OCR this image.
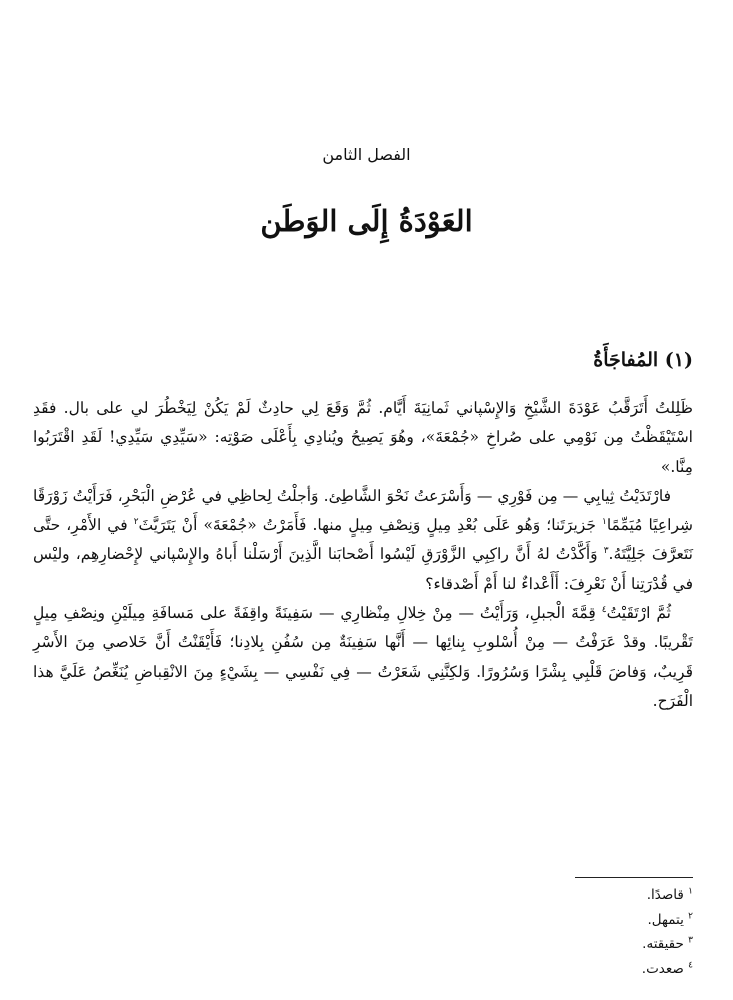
الفصل الثامن
العَوْدَةُ إِلَى الوَطَن
(١) المُفاجَأَةُ

ظَلِلتُ أَتَرَقَّبُ عَوْدَةَ الشَّيْخِ وَالإِسْپاني ثَمانِيَةَ أَيَّام. ثُمَّ وَقَعَ لِي حادِثٌ لَمْ يَكُنْ لِيَخْطُرَ لي على بال. فقَدِ اسْتَيْقَظْتُ مِن نَوْمِي على صُراخِ «جُمْعَةَ»، وهُوَ يَصِيحُ ويُنادِي بِأَعْلَى صَوْتِه: «سَيِّدِي سَيِّدِي! لَقَدِ اقْتَرَبُوا مِنَّا.»

فارْتَدَيْتُ ثِيابِي — مِن فَوْرِي — وَأَسْرَعتُ نَحْوَ الشَّاطِئ. وَأجلْتُ لِحاظِي في عُرْضِ الْبَحْرِ، فَرَأَيْتُ زَوْرَقًا شِراعِيًا مُيَمِّمًا$^١$ جَزيرَتَنا؛ وَهُو عَلَى بُعْدِ مِيلٍ وَنِصْفِ مِيلٍ منها. فَأَمَرْتُ «جُمْعَةَ» أَنْ يَتَرَيَّثَ$^٢$ في الأَمْرِ، حتَّى نَتَعرَّفَ جَلِيَّتَهُ.$^٣$ وَأَكَّدْتُ لهُ أَنَّ راكِبِي الزَّوْرَقِ لَيْسُوا أَصْحابَنا الَّذِينَ أَرْسَلْنا أَباهُ والإِسْپاني لإِحْضارِهِم، وليْس في قُدْرَتِنا أَنْ نَعْرِفَ: أَأَعْداءٌ لنا أَمْ أَصْدقاء؟

ثُمَّ ارْتَقَيْتُ$^٤$ قِمَّةَ الْجبلِ، وَرَأَيْتُ — مِنْ خِلالِ مِنْظارِي — سَفِينَةً واقِفَةً على مَسافَةِ مِيلَيْنِ ونِصْفِ مِيلٍ تَقْريبًا. وقدْ عَرَفْتُ — مِنْ أُسْلوبِ بِنائِها — أَنَّها سَفِينَةٌ مِن سُفُنِ بِلادِنا؛ فَأَيْقَنْتُ أَنَّ خَلاصي مِنَ الأَسْرِ قَرِيبٌ، وَفاضَ قَلْبِي بِشْرًا وَسُرُورًا. وَلكِنَّنِي شَعَرْتُ — فِي نَفْسِي — بِشَيْءٍ مِنَ الانْقِباضِ يُنَغِّصُ عَلَيَّ هذا الْفَرَح.

$^١$ قاصدًا.

$^٢$ يتمهل.

$^٣$ حقيقته.

$^٤$ صعدت.
